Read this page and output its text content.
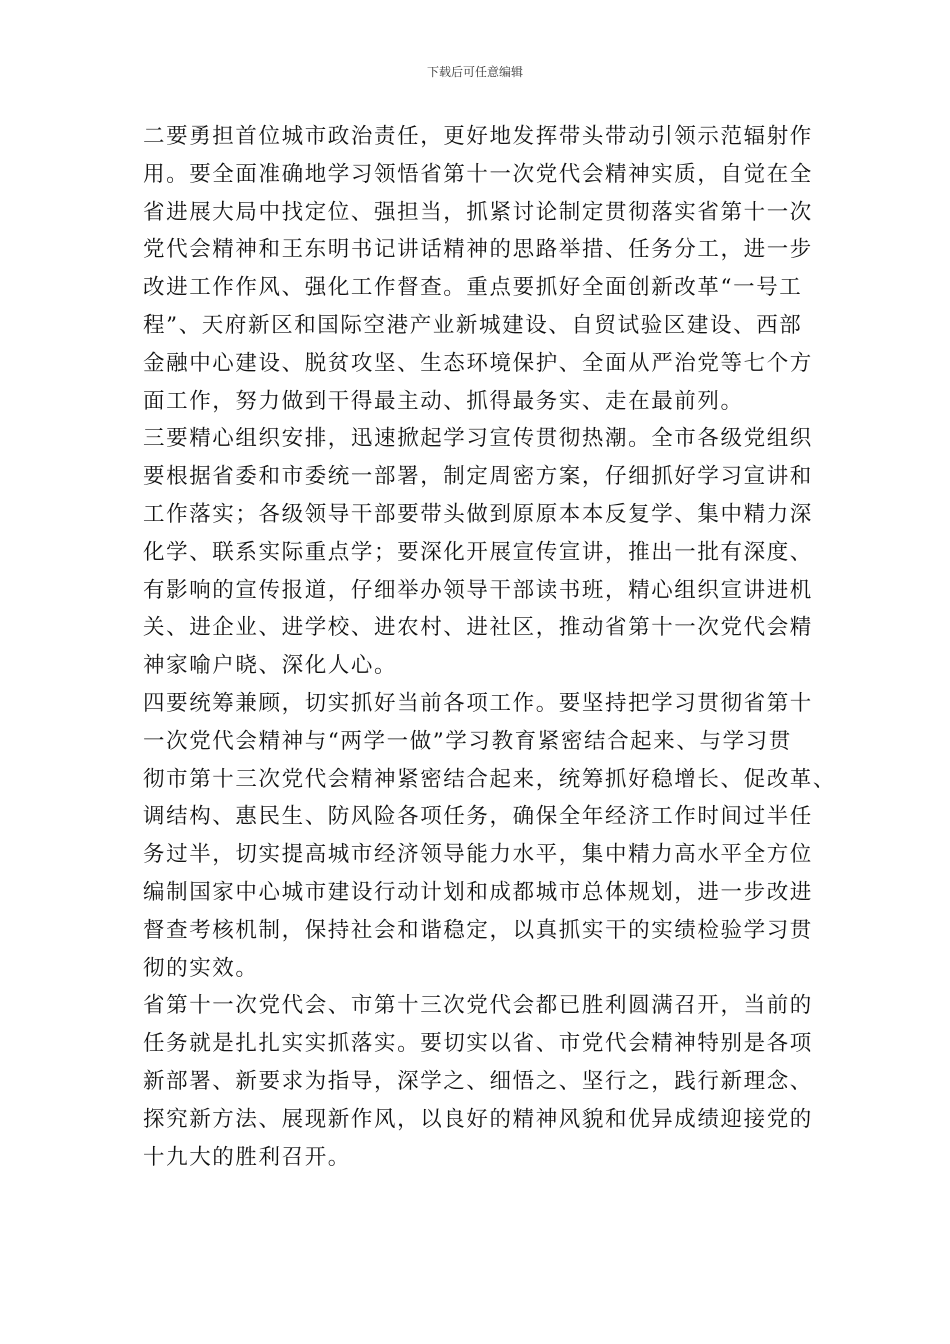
下载后可任意编辑
二要勇担首位城市政治责任，更好地发挥带头带动引领示范辐射作
用。要全面准确地学习领悟省第十一次党代会精神实质，自觉在全
省进展大局中找定位、强担当，抓紧讨论制定贯彻落实省第十一次
党代会精神和王东明书记讲话精神的思路举措、任务分工，进一步
改进工作作风、强化工作督查。重点要抓好全面创新改革“一号工
程”、天府新区和国际空港产业新城建设、自贸试验区建设、西部
金融中心建设、脱贫攻坚、生态环境保护、全面从严治党等七个方
面工作，努力做到干得最主动、抓得最务实、走在最前列。
三要精心组织安排，迅速掀起学习宣传贯彻热潮。全市各级党组织
要根据省委和市委统一部署，制定周密方案，仔细抓好学习宣讲和
工作落实；各级领导干部要带头做到原原本本反复学、集中精力深
化学、联系实际重点学；要深化开展宣传宣讲，推出一批有深度、
有影响的宣传报道，仔细举办领导干部读书班，精心组织宣讲进机
关、进企业、进学校、进农村、进社区，推动省第十一次党代会精
神家喻户晓、深化人心。
四要统筹兼顾，切实抓好当前各项工作。要坚持把学习贯彻省第十
一次党代会精神与“两学一做”学习教育紧密结合起来、与学习贯
彻市第十三次党代会精神紧密结合起来，统筹抓好稳增长、促改革、
调结构、惠民生、防风险各项任务，确保全年经济工作时间过半任
务过半，切实提高城市经济领导能力水平，集中精力高水平全方位
编制国家中心城市建设行动计划和成都城市总体规划，进一步改进
督查考核机制，保持社会和谐稳定，以真抓实干的实绩检验学习贯
彻的实效。
省第十一次党代会、市第十三次党代会都已胜利圆满召开，当前的
任务就是扎扎实实抓落实。要切实以省、市党代会精神特别是各项
新部署、新要求为指导，深学之、细悟之、坚行之，践行新理念、
探究新方法、展现新作风，以良好的精神风貌和优异成绩迎接党的
十九大的胜利召开。
